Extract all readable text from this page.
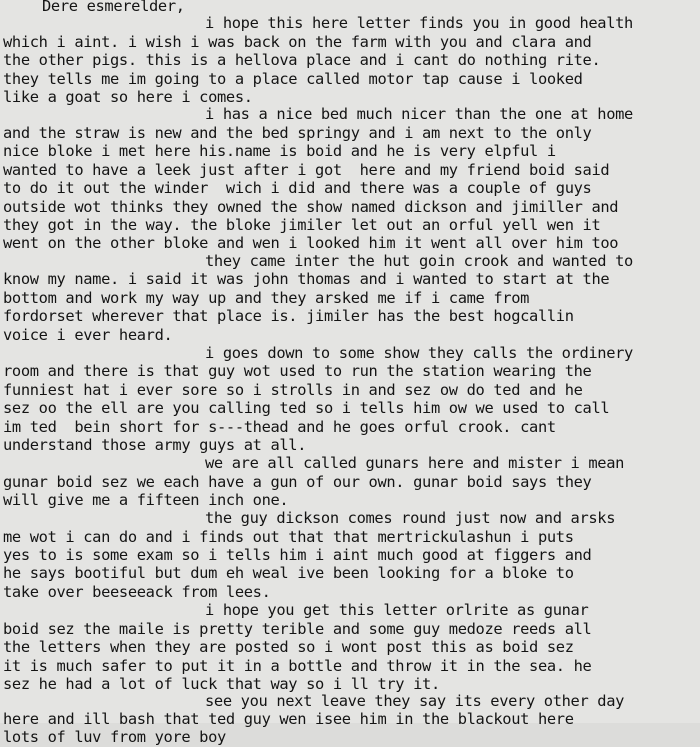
Dere esmerelder,
i hope this here letter finds you in good health
which i aint. i wish i was back on the farm with you and clara and
the other pigs. this is a hellova place and i cant do nothing rite.
they tells me im going to a place called motor tap cause i looked
like a goat so here i comes.
i has a nice bed much nicer than the one at home
and the straw is new and the bed springy and i am next to the only
nice bloke i met here his.name is boid and he is very elpful i
wanted to have a leek just after i got  here and my friend boid said
to do it out the winder  wich i did and there was a couple of guys
outside wot thinks they owned the show named dickson and jimiller and
they got in the way. the bloke jimiler let out an orful yell wen it
went on the other bloke and wen i looked him it went all over him too
they came inter the hut goin crook and wanted to
know my name. i said it was john thomas and i wanted to start at the
bottom and work my way up and they arsked me if i came from
fordorset wherever that place is. jimiler has the best hogcallin
voice i ever heard.
i goes down to some show they calls the ordinery
room and there is that guy wot used to run the station wearing the
funniest hat i ever sore so i strolls in and sez ow do ted and he
sez oo the ell are you calling ted so i tells him ow we used to call
im ted  bein short for s---thead and he goes orful crook. cant
understand those army guys at all.
we are all called gunars here and mister i mean
gunar boid sez we each have a gun of our own. gunar boid says they
will give me a fifteen inch one.
the guy dickson comes round just now and arsks
me wot i can do and i finds out that that mertrickulashun i puts
yes to is some exam so i tells him i aint much good at figgers and
he says bootiful but dum eh weal ive been looking for a bloke to
take over beeseeack from lees.
i hope you get this letter orlrite as gunar
boid sez the maile is pretty terible and some guy medoze reeds all
the letters when they are posted so i wont post this as boid sez
it is much safer to put it in a bottle and throw it in the sea. he
sez he had a lot of luck that way so i ll try it.
see you next leave they say its every other day
here and ill bash that ted guy wen isee him in the blackout here
lots of luv from yore boy
